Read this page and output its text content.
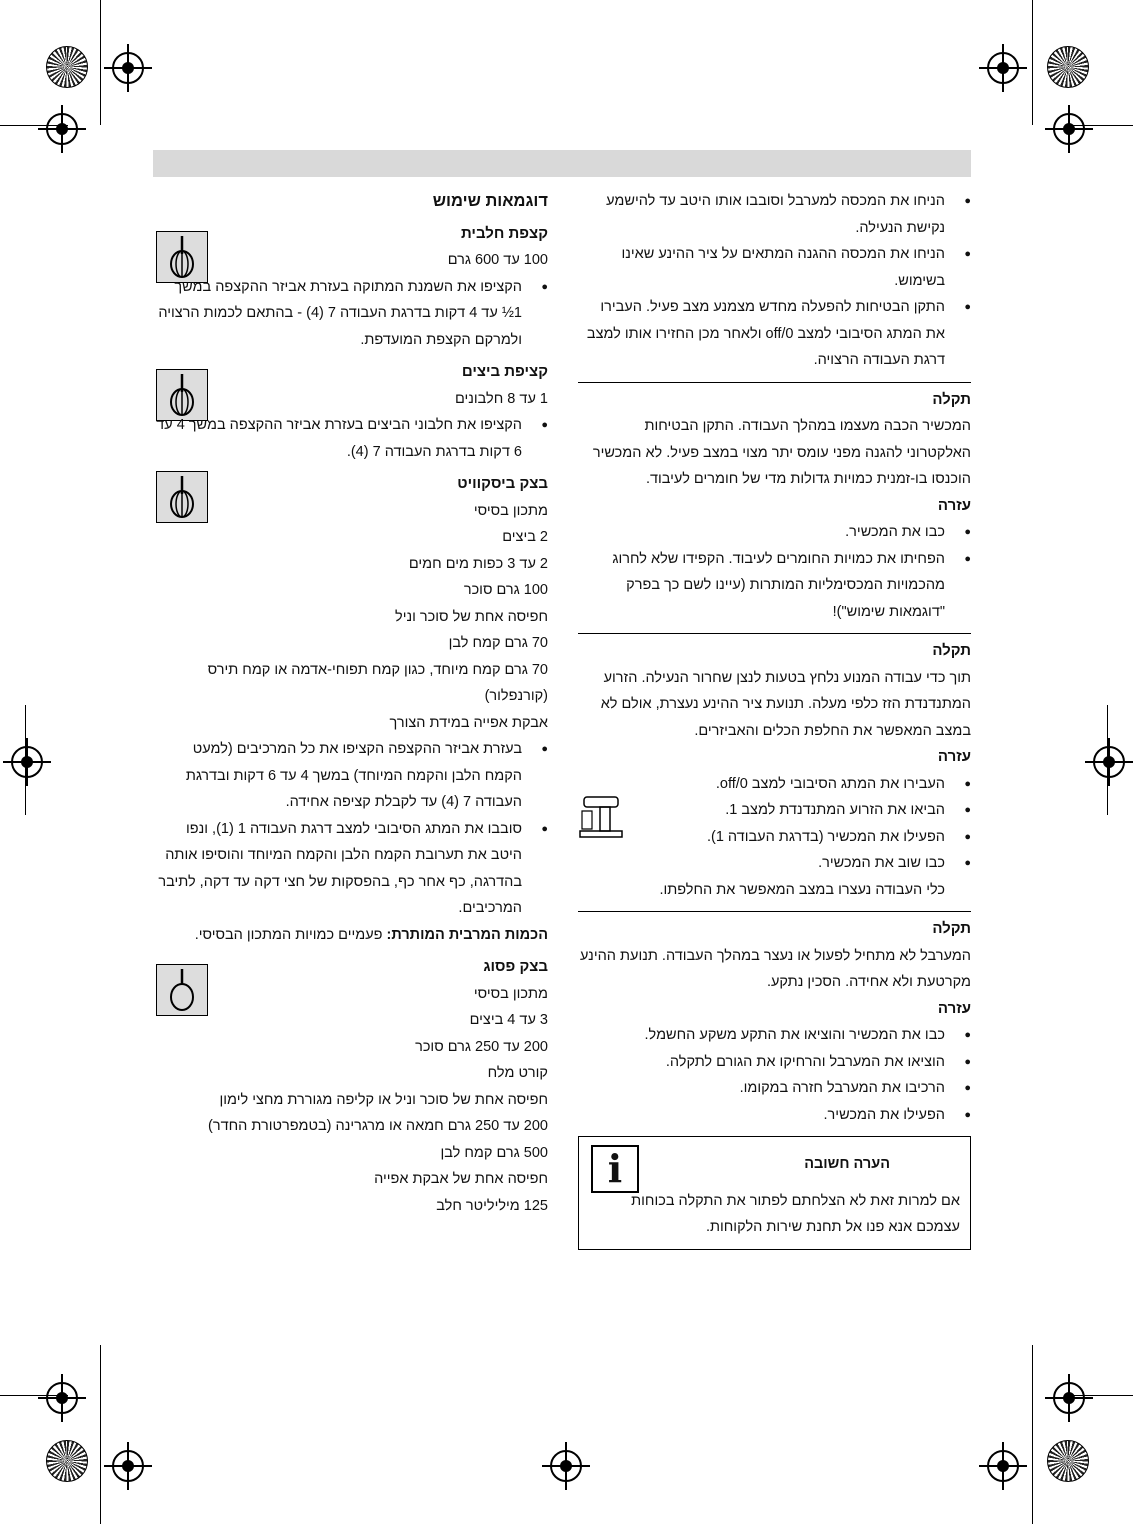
● הניחו את המכסה למערבל וסובבו אותו היטב עד להישמע נקישת הנעילה.
● הניחו את המכסה ההגנה המתאים על ציר ההינע שאינו בשימוש.
● התקן הבטיחות להפעלה מחדש מצמנע מצב פעיל. העבירו את המתג הסיבובי למצב 0/off ולאחר מכן החזירו אותו למצב דרגת העבודה הרצויה.

תקלה

המכשיר הכבה מעצמו במהלך העבודה. התקן הבטיחות האלקטרוני להגנה מפני עומס יתר מצוי במצב פעיל. לא המכשיר הוכנסו בו-זמנית כמויות גדולות מדי של חומרים לעיבוד.

עזרה

● כבו את המכשיר.
● הפחיתו את כמויות החומרים לעיבוד. הקפידו שלא לחרוג מהכמויות המכסימליות המותרות (עיינו לשם כך בפרק "דוגמאות שימוש")!

תקלה

תוך כדי עבודה המנוע נלחץ בטעות לנצן שחרור הנעילה. הזרוע המתנדנדת הזז כלפי מעלה. תנועת ציר ההינע נעצרת, אולם לא במצב המאפשר את החלפת הכלים והאביזרים.

עזרה

● העבירו את המתג הסיבובי למצב 0/off.
● הביאו את הזרוע המתנדנדת למצב 1.
● הפעילו את המכשיר (בדרגת העבודה 1).
● כבו שוב את המכשיר.

כלי העבודה נעצרו במצב המאפשר את החלפתו.

תקלה

המערבל לא מתחיל לפעול או נעצר במהלך העבודה. תנועת ההינע מקרטעת ולא אחידה. הסכין נתקע.

עזרה

● כבו את המכשיר והוציאו את התקע משקע החשמל.
● הוציאו את המערבל והרחיקו את הגורם לתקלה.
● הרכיבו את המערבל חזרה במקומו.
● הפעילו את המכשיר.
i	הערה חשובה

אם למרות זאת לא הצלחתם לפתור את התקלה בכוחות עצמכם אנא פנו אל תחנת שירות הלקוחות.

דוגמאות שימוש

קצפת חלבית

100 עד 600 גרם

● הקציפו את השמנת המתוקה בעזרת אביזר ההקצפה במשך 1½ עד 4 דקות בדרגת העבודה 7 (4) - בהתאם לכמות הרצויה ולמרקם הקצפת המועדפת.

קציפת ביצים

1 עד 8 חלבונים

● הקציפו את חלבוני הביצים בעזרת אביזר ההקצפה במשך 4 עד 6 דקות בדרגת העבודה 7 (4).

בצק ביסקוויט

מתכון בסיסי

2 ביצים

2 עד 3 כפות מים חמים

100 גרם סוכר

חפיסה אחת של סוכר וניל

70 גרם קמח לבן

70 גרם קמח מיוחד, כגון קמח תפוחי-אדמה או קמח תירס (קורנפלור)

אבקת אפייה במידת הצורך

● בעזרת אביזר ההקצפה הקציפו את כל המרכיבים (למעט הקמח הלבן והקמח המיוחד) במשך 4 עד 6 דקות ובדרגת העבודה 7 (4) עד לקבלת קציפה אחידה.
● סובבו את המתג הסיבובי למצב דרגת העבודה 1 (1), ונפו היטב את תערובת הקמח הלבן והקמח המיוחד והוסיפו אותה בהדרגה, כף אחר כף, בהפסקות של חצי דקה עד דקה, לתיבר המרכיבים.

הכמות המרבית המותרת: פעמיים כמויות המתכון הבסיסי.

בצק פסוג

מתכון בסיסי

3 עד 4 ביצים

200 עד 250 גרם סוכר

קורט מלח

חפיסה אחת של סוכר וניל או קליפה מגוררת מחצי לימון

200 עד 250 גרם חמאה או מרגרינה (בטמפרטורת החדר)

500 גרם קמח לבן

חפיסה אחת של אבקת אפייה

125 מיליליטר חלב
